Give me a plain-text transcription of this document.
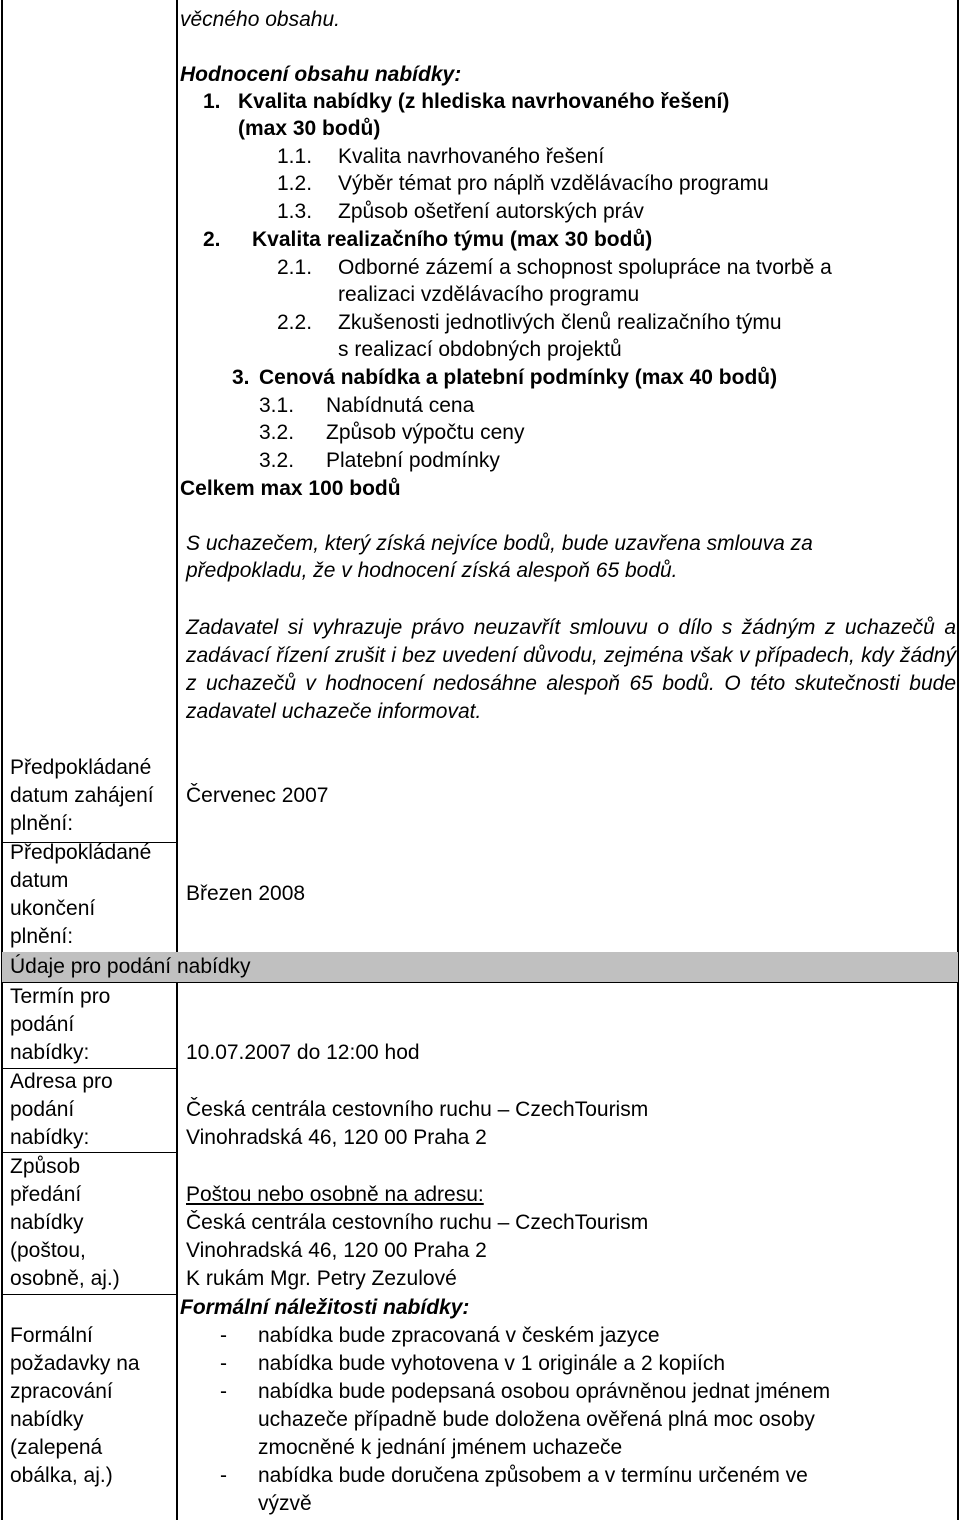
věcného obsahu.
Hodnocení obsahu nabídky:
1. Kvalita nabídky (z hlediska navrhovaného řešení)
(max 30 bodů)
1.1. Kvalita navrhovaného řešení
1.2. Výběr témat pro náplň vzdělávacího programu
1.3. Způsob ošetření autorských práv
2. Kvalita realizačního týmu (max 30 bodů)
2.1. Odborné zázemí a schopnost spolupráce na tvorbě a
realizaci vzdělávacího programu
2.2. Zkušenosti jednotlivých členů realizačního týmu
s realizací obdobných projektů
3. Cenová nabídka a platební podmínky (max 40 bodů)
3.1. Nabídnutá cena
3.2. Způsob výpočtu ceny
3.2. Platební podmínky
Celkem max 100 bodů
S uchazečem, který získá nejvíce bodů, bude uzavřena smlouva za
předpokladu, že v hodnocení získá alespoň 65 bodů.

Zadavatel si vyhrazuje právo neuzavřít smlouvu o dílo s žádným z uchazečů a zadávací řízení zrušit i bez uvedení důvodu, zejména však v případech, kdy žádný z uchazečů v hodnocení nedosáhne alespoň 65 bodů. O této skutečnosti bude zadavatel uchazeče informovat.

Předpokládané
datum zahájení
plnění:
Červenec 2007
Předpokládané
datum
ukončení
plnění:
Březen 2008
Údaje pro podání nabídky
Termín pro
podání
nabídky:	10.07.2007 do 12:00 hod
Adresa pro
podání
nabídky:
Česká centrála cestovního ruchu – CzechTourism
Vinohradská 46, 120 00 Praha 2
Způsob
předání
nabídky
(poštou,
osobně, aj.)
Poštou nebo osobně na adresu:
Česká centrála cestovního ruchu – CzechTourism
Vinohradská 46, 120 00 Praha 2
K rukám Mgr. Petry Zezulové
Formální
požadavky na
zpracování
nabídky
(zalepená
obálka, aj.)
Formální náležitosti nabídky:
- nabídka bude zpracovaná v českém jazyce
- nabídka bude vyhotovena v 1 originále a 2 kopiích
- nabídka bude podepsaná osobou oprávněnou jednat jménem
uchazeče případně bude doložena ověřená plná moc osoby
zmocněné k jednání jménem uchazeče
- nabídka bude doručena způsobem a v termínu určeném ve
výzvě
